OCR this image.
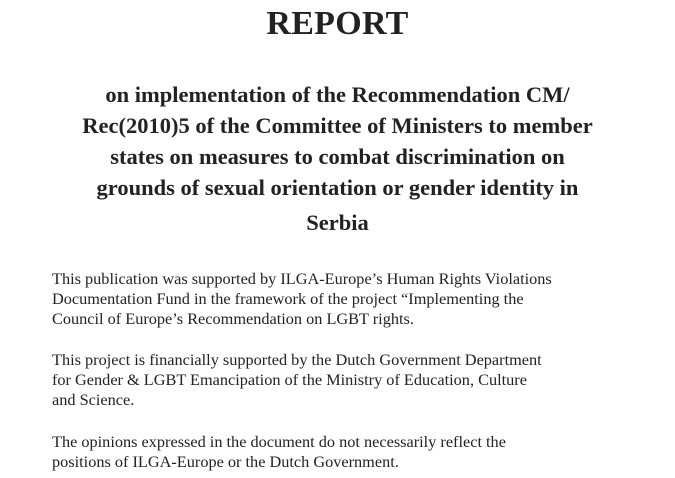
REPORT
on implementation of the Recommendation CM/
Rec(2010)5 of the Committee of Ministers to member
states on measures to combat discrimination on
grounds of sexual orientation or gender identity in
Serbia
This publication was supported by ILGA-Europe’s Human Rights Violations
Documentation Fund in the framework of the project “Implementing the
Council of Europe’s Recommendation on LGBT rights.
This project is financially supported by the Dutch Government Department
for Gender & LGBT Emancipation of the Ministry of Education, Culture
and Science.
The opinions expressed in the document do not necessarily reflect the
positions of ILGA-Europe or the Dutch Government.
